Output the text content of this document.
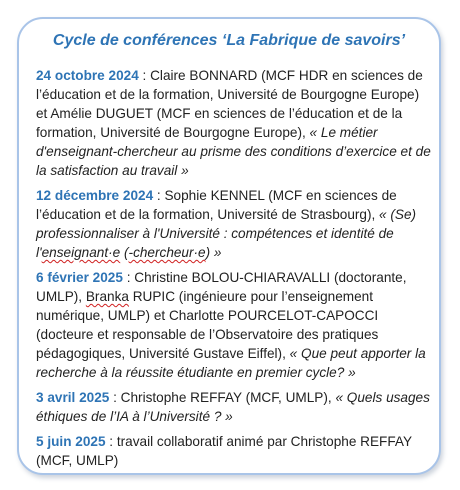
Cycle de conférences ‘La Fabrique de savoirs’
24 octobre 2024 : Claire BONNARD (MCF HDR en sciences de l’éducation et de la formation, Université de Bourgogne Europe) et Amélie DUGUET (MCF en sciences de l’éducation et de la formation, Université de Bourgogne Europe), « Le métier d'enseignant-chercheur au prisme des conditions d’exercice et de la satisfaction au travail »
12 décembre 2024 : Sophie KENNEL (MCF en sciences de l’éducation et de la formation, Université de Strasbourg), « (Se) professionnaliser à l'Université : compétences et identité de l'enseignant·e (-chercheur·e) »
6 février 2025 : Christine BOLOU-CHIARAVALLI (doctorante, UMLP), Branka RUPIC (ingénieure pour l’enseignement numérique, UMLP) et Charlotte POURCELOT-CAPOCCI (docteure et responsable de l’Observatoire des pratiques pédagogiques, Université Gustave Eiffel), « Que peut apporter la recherche à la réussite étudiante en premier cycle? »
3 avril 2025 : Christophe REFFAY (MCF, UMLP), « Quels usages éthiques de l’IA à l’Université ? »
5 juin 2025 : travail collaboratif animé par Christophe REFFAY (MCF, UMLP)
